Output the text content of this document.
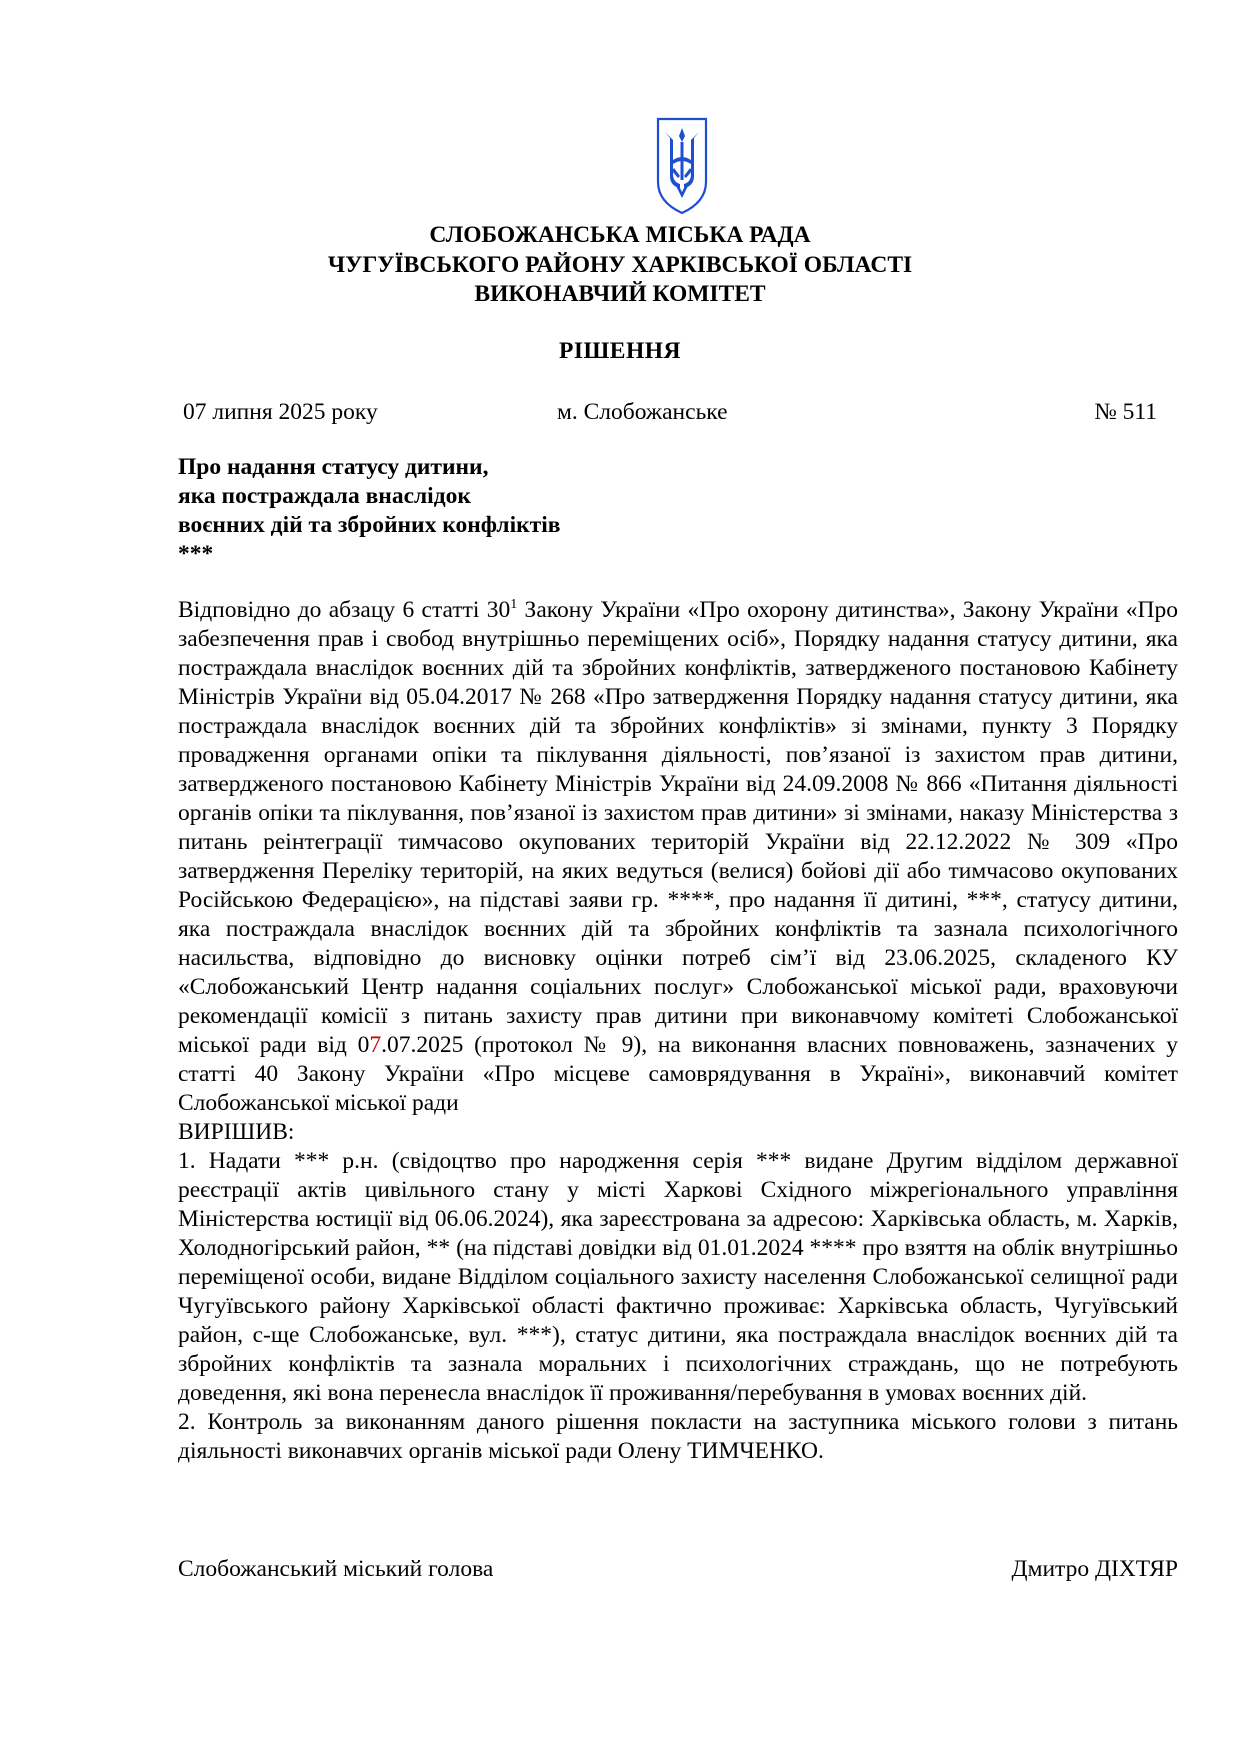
СЛОБОЖАНСЬКА МІСЬКА РАДА
ЧУГУЇВСЬКОГО РАЙОНУ ХАРКІВСЬКОЇ ОБЛАСТІ
ВИКОНАВЧИЙ КОМІТЕТ
РІШЕННЯ
07 липня 2025 року	м. Слобожанське	№ 511
Про надання статусу дитини,
яка постраждала внаслідок
воєнних дій та збройних конфліктів
***

Відповідно до абзацу 6 статті $30^1$ Закону України «Про охорону дитинства», Закону України «Про забезпечення прав і свобод внутрішньо переміщених осіб», Порядку надання статусу дитини, яка постраждала внаслідок воєнних дій та збройних конфліктів, затвердженого постановою Кабінету Міністрів України від 05.04.2017 № 268 «Про затвердження Порядку надання статусу дитини, яка постраждала внаслідок воєнних дій та збройних конфліктів» зі змінами, пункту 3 Порядку провадження органами опіки та піклування діяльності, пов’язаної із захистом прав дитини, затвердженого постановою Кабінету Міністрів України від 24.09.2008 № 866 «Питання діяльності органів опіки та піклування, пов’язаної із захистом прав дитини» зі змінами, наказу Міністерства з питань реінтеграції тимчасово окупованих територій України від 22.12.2022 № 309 «Про затвердження Переліку територій, на яких ведуться (велися) бойові дії або тимчасово окупованих Російською Федерацією», на підставі заяви гр. ****, про надання її дитині, ***, статусу дитини, яка постраждала внаслідок воєнних дій та збройних конфліктів та зазнала психологічного насильства, відповідно до висновку оцінки потреб сім’ї від 23.06.2025, складеного КУ «Слобожанський Центр надання соціальних послуг» Слобожанської міської ради, враховуючи рекомендації комісії з питань захисту прав дитини при виконавчому комітеті Слобожанської міської ради від 07.07.2025 (протокол № 9), на виконання власних повноважень, зазначених у статті 40 Закону України «Про місцеве самоврядування в Україні», виконавчий комітет Слобожанської міської ради

ВИРІШИВ:

1. Надати *** р.н. (свідоцтво про народження серія *** видане Другим відділом державної реєстрації актів цивільного стану у місті Харкові Східного міжрегіонального управління Міністерства юстиції від 06.06.2024), яка зареєстрована за адресою: Харківська область, м. Харків, Холодногірський район, ** (на підставі довідки від 01.01.2024 **** про взяття на облік внутрішньо переміщеної особи, видане Відділом соціального захисту населення Слобожанської селищної ради Чугуївського району Харківської області фактично проживає: Харківська область, Чугуївський район, с-ще Слобожанське, вул. ***), статус дитини, яка постраждала внаслідок воєнних дій та збройних конфліктів та зазнала моральних і психологічних страждань, що не потребують доведення, які вона перенесла внаслідок її проживання/перебування в умовах воєнних дій.

2. Контроль за виконанням даного рішення покласти на заступника міського голови з питань діяльності виконавчих органів міської ради Олену ТИМЧЕНКО.

Слобожанський міський голова	Дмитро ДІХТЯР
